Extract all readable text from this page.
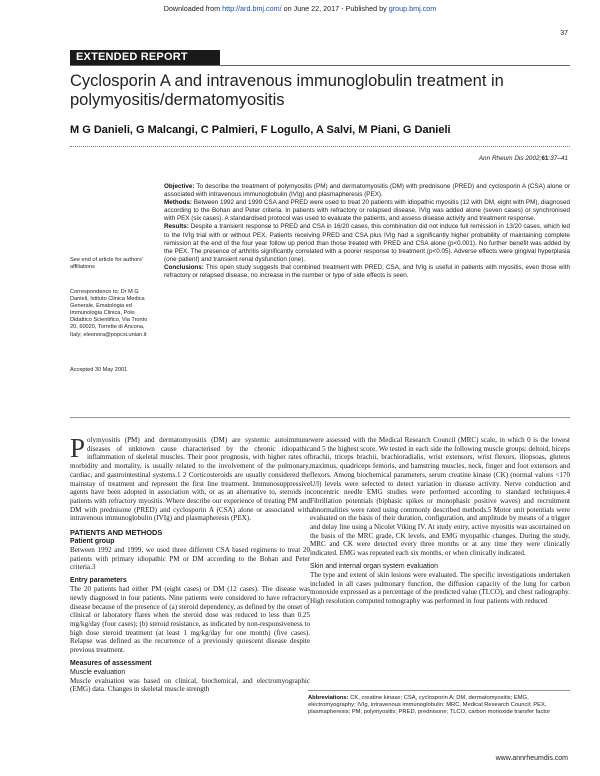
Downloaded from http://ard.bmj.com/ on June 22, 2017 - Published by group.bmj.com
37
EXTENDED REPORT
Cyclosporin A and intravenous immunoglobulin treatment in polymyositis/dermatomyositis
M G Danieli, G Malcangi, C Palmieri, F Logullo, A Salvi, M Piani, G Danieli
Ann Rheum Dis 2002;61:37–41
See end of article for authors' affiliations
Correspondence to: Dr M G Danieli, Istituto Clinica Medica Generale, Ematologia ed Immunologia Clinica, Polo Didattico Scientifico, Via Tronto 20, 60020, Torrette di Ancona, Italy; eleonora@popcsi.unian.it
Accepted 30 May 2001

Objective: To describe the treatment of polymyositis (PM) and dermatomyositis (DM) with prednisone (PRED) and cyclosporin A (CSA) alone or associated with intravenous immunoglobulin (IVIg) and plasmapheresis (PEX).

Methods: Between 1992 and 1999 CSA and PRED were used to treat 20 patients with idiopathic myositis (12 with DM, eight with PM), diagnosed according to the Bohan and Peter criteria. In patients with refractory or relapsed disease, IVIg was added alone (seven cases) or synchronised with PEX (six cases). A standardised protocol was used to evaluate the patients, and assess disease activity and treatment response.

Results: Despite a transient response to PRED and CSA in 16/20 cases, this combination did not induce full remission in 13/20 cases, which led to the IVIg trial with or without PEX. Patients receiving PRED and CSA plus IVIg had a significantly higher probability of maintaining complete remission at the end of the four year follow up period than those treated with PRED and CSA alone (p<0.001). No further benefit was added by the PEX. The presence of arthritis significantly correlated with a poorer response to treatment (p<0.05). Adverse effects were gingival hyperplasia (one patient) and transient renal dysfunction (one).

Conclusions: This open study suggests that combined treatment with PRED, CSA, and IVIg is useful in patients with myositis, even those with refractory or relapsed disease; no increase in the number or type of side effects is seen.

Polymyositis (PM) and dermatomyositis (DM) are systemic autoimmune diseases of unknown cause characterised by the chronic idiopathic inflammation of skeletal muscles. Their poor prognosis, with higher rates of morbidity and mortality, is usually related to the involvement of the pulmonary, cardiac, and gastrointestinal systems.1 2 Corticosteroids are usually considered the mainstay of treatment and represent the first line treatment. Immunosuppressive agents have been adopted in association with, or as an alternative to, steroids in patients with refractory myositis. Where describe our experience of treating PM and DM with prednisone (PRED) and cyclosporin A (CSA) alone or associated with intravenous immunoglobulin (IVIg) and plasmapheresis (PEX).

PATIENTS AND METHODS
Patient group

Between 1992 and 1999, we used three different CSA based regimens to treat 20 patients with primary idiopathic PM or DM according to the Bohan and Peter criteria.3

Entry parameters

The 20 patients had either PM (eight cases) or DM (12 cases). The disease was newly diagnosed in four patients. Nine patients were considered to have refractory disease because of the presence of (a) steroid dependency, as defined by the onset of clinical or laboratory flares when the steroid dose was reduced to less than 0.25 mg/kg/day (four cases); (b) steroid resistance, as indicated by non-responsiveness to high dose steroid treatment (at least 1 mg/kg/day for one month) (five cases). Relapse was defined as the recurrence of a previously quiescent disease despite previous treatment.

Measures of assessment
Muscle evaluation

Muscle evaluation was based on clinical, biochemical, and electromyographic (EMG) data. Changes in skeletal muscle strength

were assessed with the Medical Research Council (MRC) scale, in which 0 is the lowest and 5 the highest score. We tested in each side the following muscle groups: deltoid, biceps brachii, triceps brachii, brachioradialis, wrist extensors, wrist flexors, iliopsoas, gluteus maximus, quadriceps femoris, and hamstring muscles, neck, finger and foot extensors and flexors. Among biochemical parameters, serum creatine kinase (CK) (normal values <170 U/l) levels were selected to detect variation in disease activity. Nerve conduction and concentric needle EMG studies were performed according to standard techniques.4 Fibrillation potentials (biphasic spikes or monophasic positive waves) and recruitment abnormalities were rated using commonly described methods.5 Motor unit potentials were evaluated on the basis of their duration, configuration, and amplitude by means of a trigger and delay line using a Nicolet Viking IV. At study entry, active myositis was ascertained on the basis of the MRC grade, CK levels, and EMG myopathic changes. During the study, MRC and CK were detected every three months or at any time they were clinically indicated. EMG was repeated each six months, or when clinically indicated.

Skin and internal organ system evaluation

The type and extent of skin lesions were evaluated. The specific investigations undertaken included in all cases pulmonary function, the diffusion capacity of the lung for carbon monoxide expressed as a percentage of the predicted value (TLCO), and chest radiography. High resolution computed tomography was performed in four patients with reduced

Abbreviations: CK, creatine kinase; CSA, cyclosporin A; DM, dermatomyositis; EMG, electromyography; IVIg, intravenous immunoglobulin; MRC, Medical Research Council; PEX, plasmapheresis; PM, polymyositis; PRED, prednisone; TLCO, carbon monoxide transfer factor
www.annrheumdis.com
